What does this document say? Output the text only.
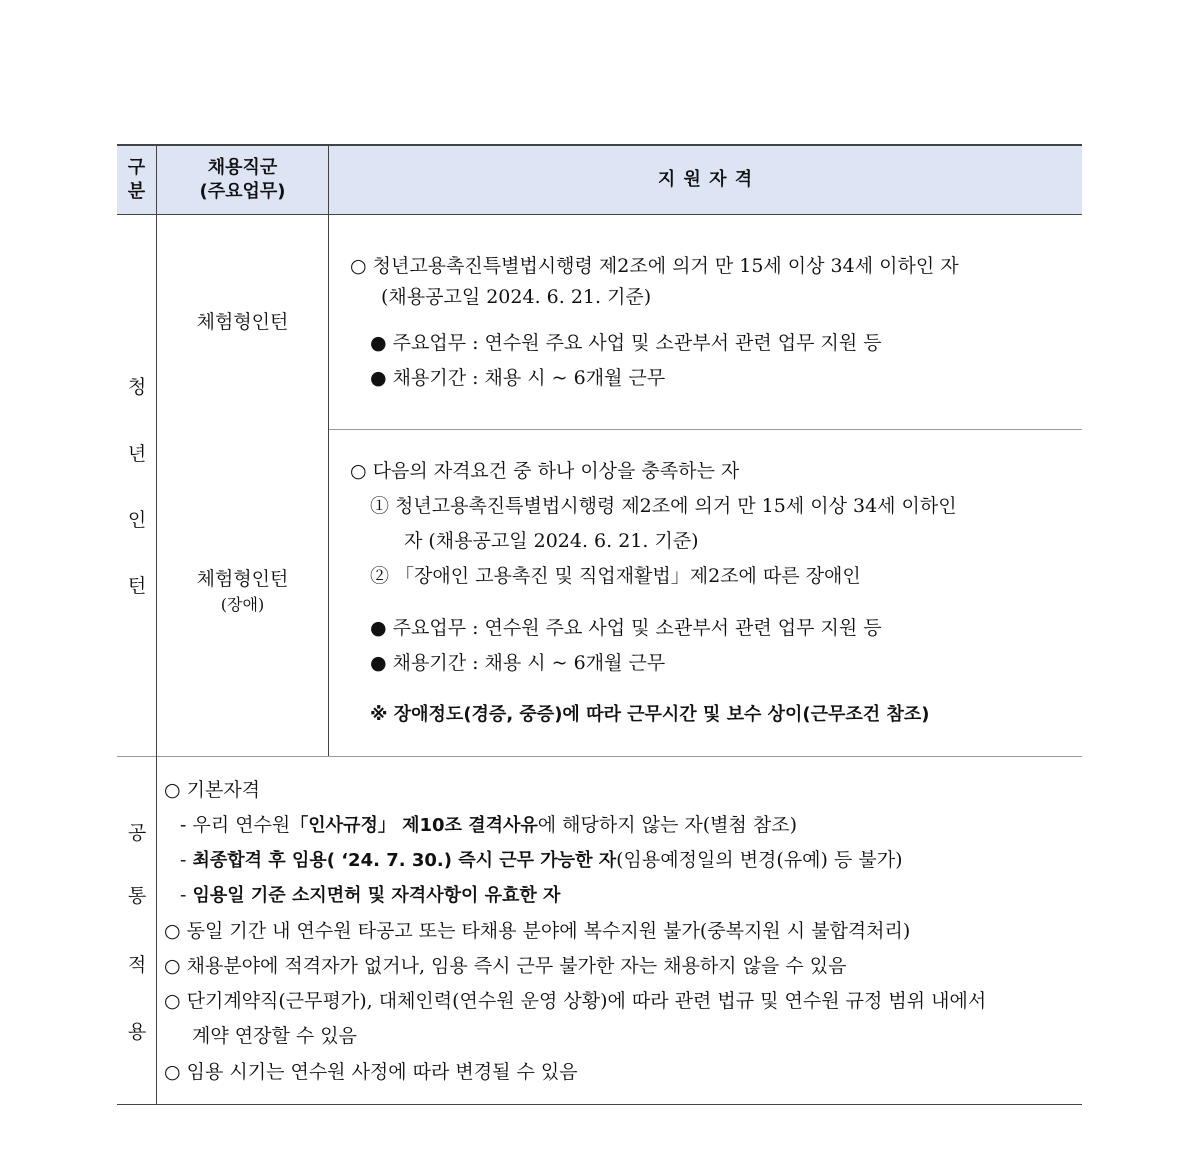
구
분
채용직군
(주요업무)
지 원 자 격
청
년
인
턴
체험형인턴
○ 청년고용촉진특별법시행령 제2조에 의거 만 15세 이상 34세 이하인 자
(채용공고일 2024. 6. 21. 기준)
● 주요업무 : 연수원 주요 사업 및 소관부서 관련 업무 지원 등
● 채용기간 : 채용 시 ~ 6개월 근무
체험형인턴
(장애)
○ 다음의 자격요건 중 하나 이상을 충족하는 자
① 청년고용촉진특별법시행령 제2조에 의거 만 15세 이상 34세 이하인
자 (채용공고일 2024. 6. 21. 기준)
② 「장애인 고용촉진 및 직업재활법」제2조에 따른 장애인
● 주요업무 : 연수원 주요 사업 및 소관부서 관련 업무 지원 등
● 채용기간 : 채용 시 ~ 6개월 근무
※ 장애정도(경증, 중증)에 따라 근무시간 및 보수 상이(근무조건 참조)
공
통
적
용
○ 기본자격
- 우리 연수원「인사규정」 제10조 결격사유에 해당하지 않는 자(별첨 참조)
- 최종합격 후 임용( ‘24. 7. 30.) 즉시 근무 가능한 자(임용예정일의 변경(유예) 등 불가)
- 임용일 기준 소지면허 및 자격사항이 유효한 자
○ 동일 기간 내 연수원 타공고 또는 타채용 분야에 복수지원 불가(중복지원 시 불합격처리)
○ 채용분야에 적격자가 없거나, 임용 즉시 근무 불가한 자는 채용하지 않을 수 있음
○ 단기계약직(근무평가), 대체인력(연수원 운영 상황)에 따라 관련 법규 및 연수원 규정 범위 내에서
계약 연장할 수 있음
○ 임용 시기는 연수원 사정에 따라 변경될 수 있음
